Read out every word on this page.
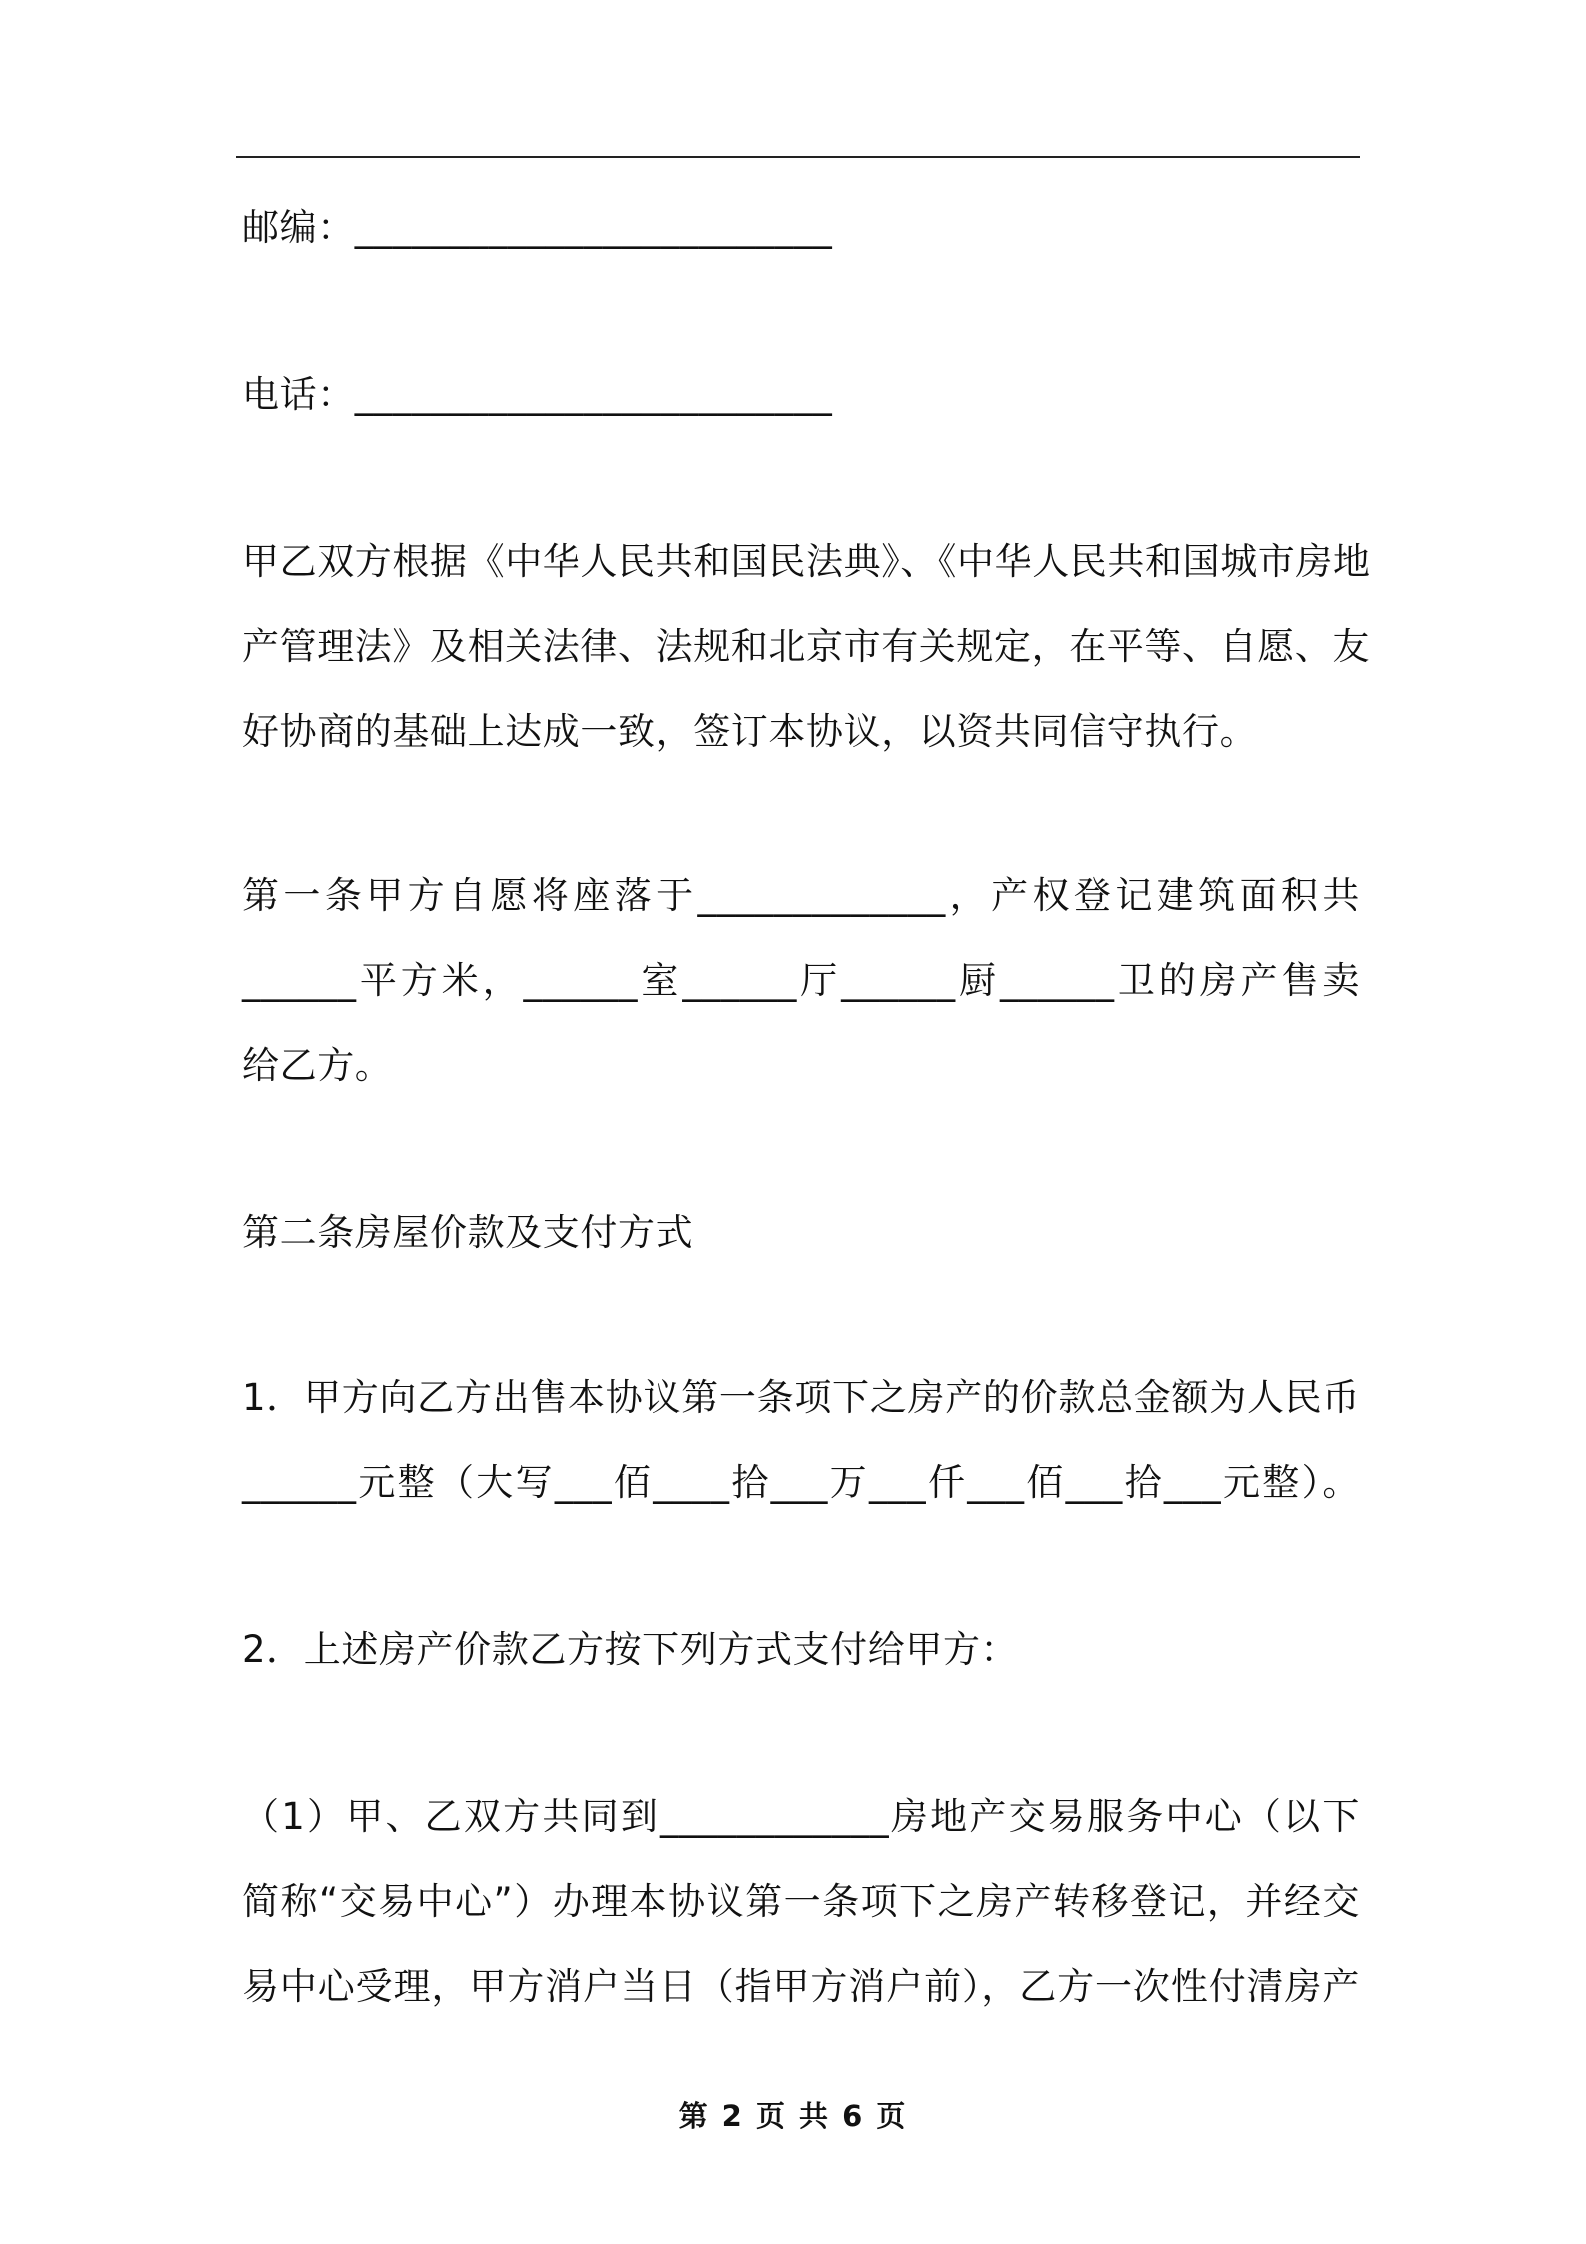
邮编：_________________________
电话：_________________________
甲乙双方根据《中华人民共和国民法典》、《中华人民共和国城市房地
产管理法》及相关法律、法规和北京市有关规定，在平等、自愿、友
好协商的基础上达成一致，签订本协议，以资共同信守执行。
第一条甲方自愿将座落于_____________，产权登记建筑面积共
______平方米，______室______厅______厨______卫的房产售卖
给乙方。
第二条房屋价款及支付方式
1．甲方向乙方出售本协议第一条项下之房产的价款总金额为人民币
______元整（大写___佰____拾___万___仟___佰___拾___元整）。
2．上述房产价款乙方按下列方式支付给甲方：
（1）甲、乙双方共同到____________房地产交易服务中心（以下
简称“交易中心”）办理本协议第一条项下之房产转移登记，并经交
易中心受理，甲方消户当日（指甲方消户前），乙方一次性付清房产
第 2 页 共 6 页
